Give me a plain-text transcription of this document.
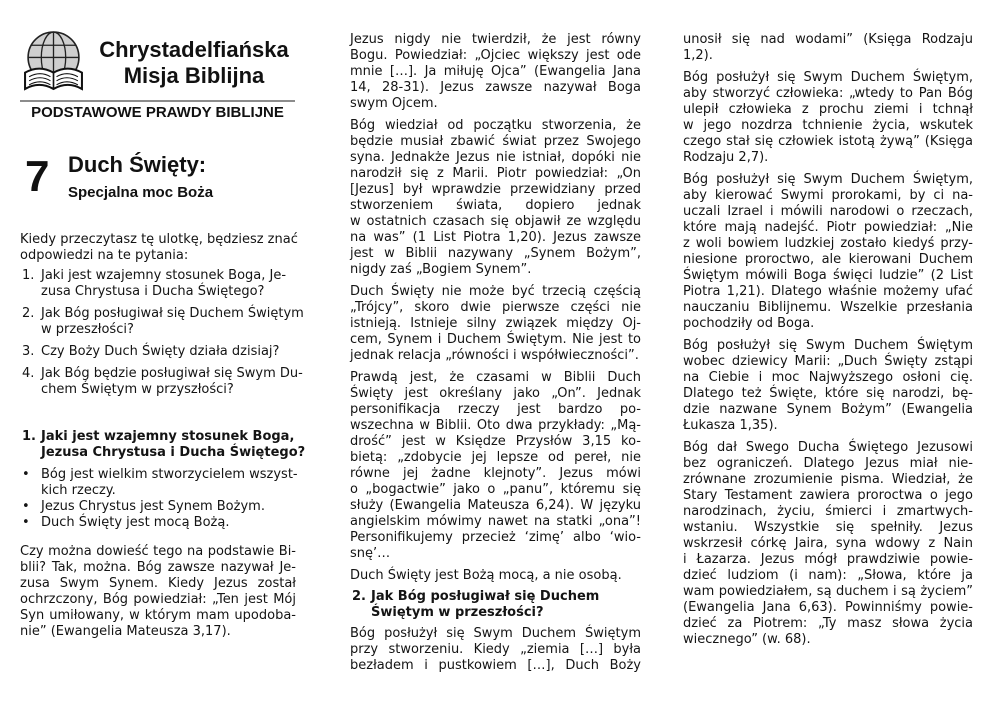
Chrystadelfiańska
Misja Biblijna
PODSTAWOWE PRAWDY BIBLIJNE
7 Duch Święty:
Specjalna moc Boża
Kiedy przeczytasz tę ulotkę, będziesz znać
odpowiedzi na te pytania:
1. Jaki jest wzajemny stosunek Boga, Je-
zusa Chrystusa i Ducha Świętego?
2. Jak Bóg posługiwał się Duchem Świętym
w przeszłości?
3. Czy Boży Duch Święty działa dzisiaj?
4. Jak Bóg będzie posługiwał się Swym Du-
chem Świętym w przyszłości?
1. Jaki jest wzajemny stosunek Boga,
Jezusa Chrystusa i Ducha Świętego?
• Bóg jest wielkim stworzycielem wszyst-
kich rzeczy.
• Jezus Chrystus jest Synem Bożym.
• Duch Święty jest mocą Bożą.
Czy można dowieść tego na podstawie Bi-
blii? Tak, można. Bóg zawsze nazywał Je-
zusa Swym Synem. Kiedy Jezus został
ochrzczony, Bóg powiedział: „Ten jest Mój
Syn umiłowany, w którym mam upodoba-
nie” (Ewangelia Mateusza 3,17).
Jezus nigdy nie twierdził, że jest równy
Bogu. Powiedział: „Ojciec większy jest ode
mnie […]. Ja miłuję Ojca” (Ewangelia Jana
14, 28-31). Jezus zawsze nazywał Boga
swym Ojcem.
Bóg wiedział od początku stworzenia, że
będzie musiał zbawić świat przez Swojego
syna. Jednakże Jezus nie istniał, dopóki nie
narodził się z Marii. Piotr powiedział: „On
[Jezus] był wprawdzie przewidziany przed
stworzeniem świata, dopiero jednak
w ostatnich czasach się objawił ze względu
na was” (1 List Piotra 1,20). Jezus zawsze
jest w Biblii nazywany „Synem Bożym”,
nigdy zaś „Bogiem Synem”.
Duch Święty nie może być trzecią częścią
„Trójcy”, skoro dwie pierwsze części nie
istnieją. Istnieje silny związek między Oj-
cem, Synem i Duchem Świętym. Nie jest to
jednak relacja „równości i współwieczności”.
Prawdą jest, że czasami w Biblii Duch
Święty jest określany jako „On”. Jednak
personifikacja rzeczy jest bardzo po-
wszechna w Biblii. Oto dwa przykłady: „Mą-
drość” jest w Księdze Przysłów 3,15 ko-
bietą: „zdobycie jej lepsze od pereł, nie
równe jej żadne klejnoty”. Jezus mówi
o „bogactwie” jako o „panu”, któremu się
służy (Ewangelia Mateusza 6,24). W języku
angielskim mówimy nawet na statki „ona”!
Personifikujemy przecież ‘zimę’ albo ‘wio-
snę’…
Duch Święty jest Bożą mocą, a nie osobą.
2. Jak Bóg posługiwał się Duchem
Świętym w przeszłości?
Bóg posłużył się Swym Duchem Świętym
przy stworzeniu. Kiedy „ziemia […] była
bezładem i pustkowiem […], Duch Boży
unosił się nad wodami” (Księga Rodzaju
1,2).
Bóg posłużył się Swym Duchem Świętym,
aby stworzyć człowieka: „wtedy to Pan Bóg
ulepił człowieka z prochu ziemi i tchnął
w jego nozdrza tchnienie życia, wskutek
czego stał się człowiek istotą żywą” (Księga
Rodzaju 2,7).
Bóg posłużył się Swym Duchem Świętym,
aby kierować Swymi prorokami, by ci na-
uczali Izrael i mówili narodowi o rzeczach,
które mają nadejść. Piotr powiedział: „Nie
z woli bowiem ludzkiej zostało kiedyś przy-
niesione proroctwo, ale kierowani Duchem
Świętym mówili Boga święci ludzie” (2 List
Piotra 1,21). Dlatego właśnie możemy ufać
nauczaniu Biblijnemu. Wszelkie przesłania
pochodziły od Boga.
Bóg posłużył się Swym Duchem Świętym
wobec dziewicy Marii: „Duch Święty zstąpi
na Ciebie i moc Najwyższego osłoni cię.
Dlatego też Święte, które się narodzi, bę-
dzie nazwane Synem Bożym” (Ewangelia
Łukasza 1,35).
Bóg dał Swego Ducha Świętego Jezusowi
bez ograniczeń. Dlatego Jezus miał nie-
zrównane zrozumienie pisma. Wiedział, że
Stary Testament zawiera proroctwa o jego
narodzinach, życiu, śmierci i zmartwych-
wstaniu. Wszystkie się spełniły. Jezus
wskrzesił córkę Jaira, syna wdowy z Nain
i Łazarza. Jezus mógł prawdziwie powie-
dzieć ludziom (i nam): „Słowa, które ja
wam powiedziałem, są duchem i są życiem”
(Ewangelia Jana 6,63). Powinniśmy powie-
dzieć za Piotrem: „Ty masz słowa życia
wiecznego” (w. 68).
